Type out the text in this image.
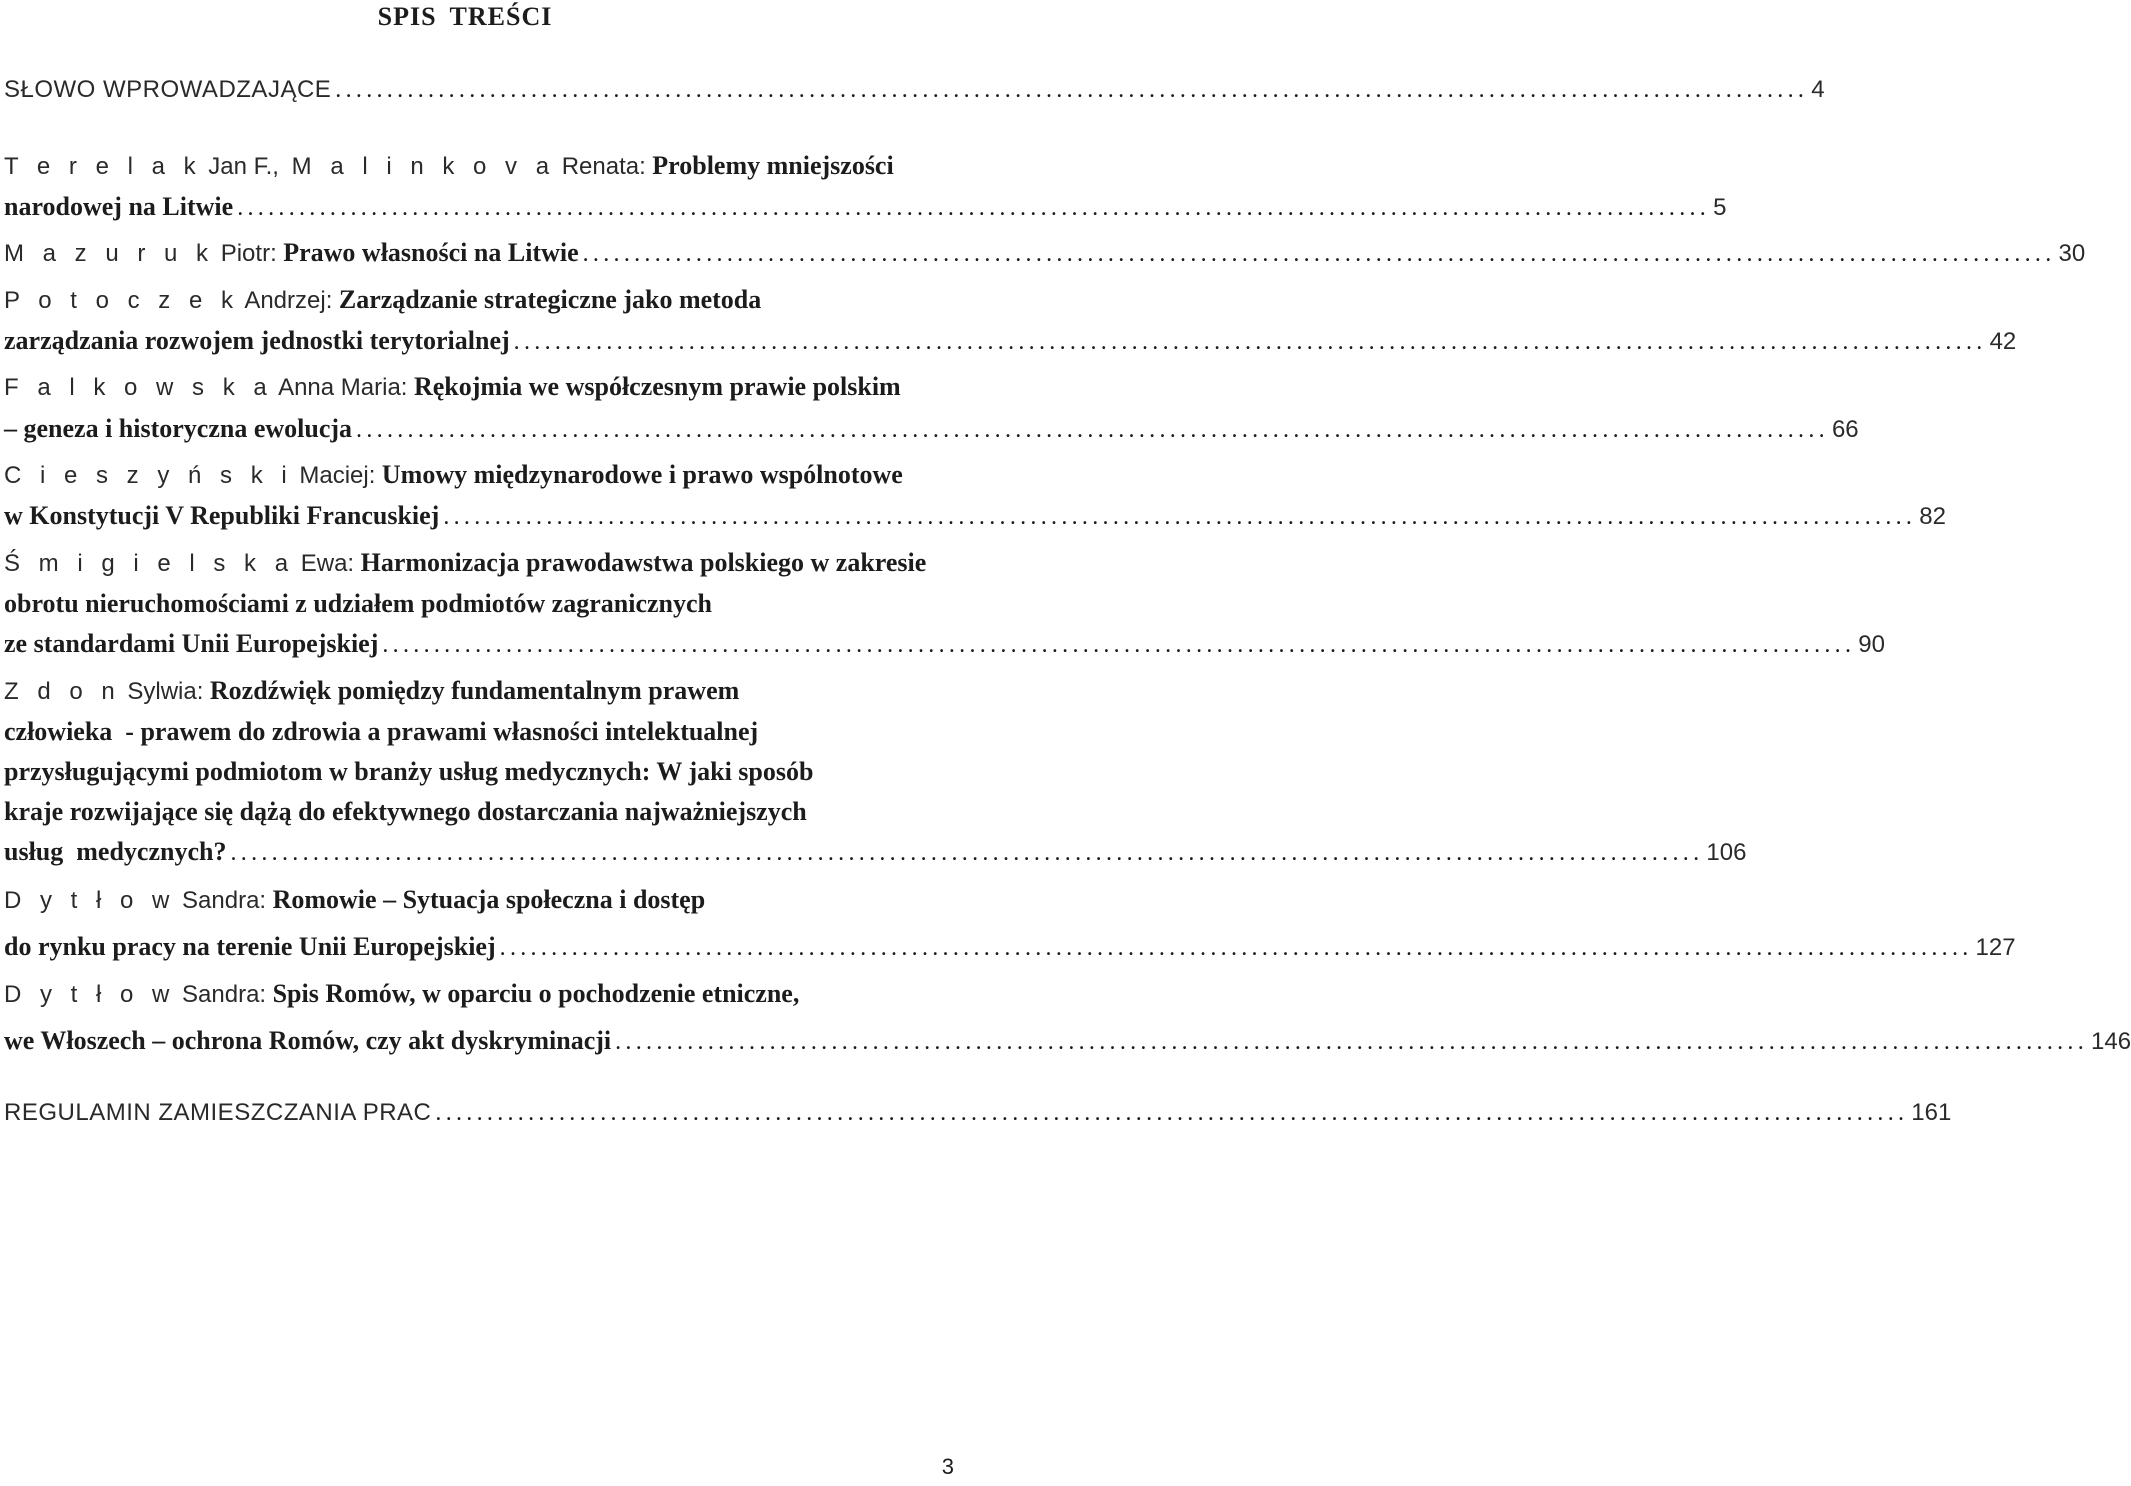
SPIS TREŚCI
SŁOWO WPROWADZAJĄCE ............................................................................................................................................... 4
T e r e l a k Jan F., M a l i n k o v a Renata: Problemy mniejszości
narodowej na Litwie ............................................................................................................................................... 5
M a z u r u k Piotr: Prawo własności na Litwie ............................................................................................................................................... 30
P o t o c z e k Andrzej: Zarządzanie strategiczne jako metoda
zarządzania rozwojem jednostki terytorialnej ............................................................................................................................................... 42
F a l k o w s k a Anna Maria: Rękojmia we współczesnym prawie polskim
– geneza i historyczna ewolucja ............................................................................................................................................... 66
C i e s z y ń s k i Maciej: Umowy międzynarodowe i prawo wspólnotowe
w Konstytucji V Republiki Francuskiej ............................................................................................................................................... 82
Ś m i g i e l s k a Ewa: Harmonizacja prawodawstwa polskiego w zakresie
obrotu nieruchomościami z udziałem podmiotów zagranicznych
ze standardami Unii Europejskiej ............................................................................................................................................... 90
Z d o n Sylwia: Rozdźwięk pomiędzy fundamentalnym prawem
człowieka  - prawem do zdrowia a prawami własności intelektualnej
przysługującymi podmiotom w branży usług medycznych: W jaki sposób
kraje rozwijające się dążą do efektywnego dostarczania najważniejszych
usług  medycznych? ............................................................................................................................................... 106
D y t ł o w Sandra: Romowie – Sytuacja społeczna i dostęp
do rynku pracy na terenie Unii Europejskiej ............................................................................................................................................... 127
D y t ł o w Sandra: Spis Romów, w oparciu o pochodzenie etniczne,
we Włoszech – ochrona Romów, czy akt dyskryminacji ............................................................................................................................................... 146
REGULAMIN ZAMIESZCZANIA PRAC ............................................................................................................................................... 161
3
